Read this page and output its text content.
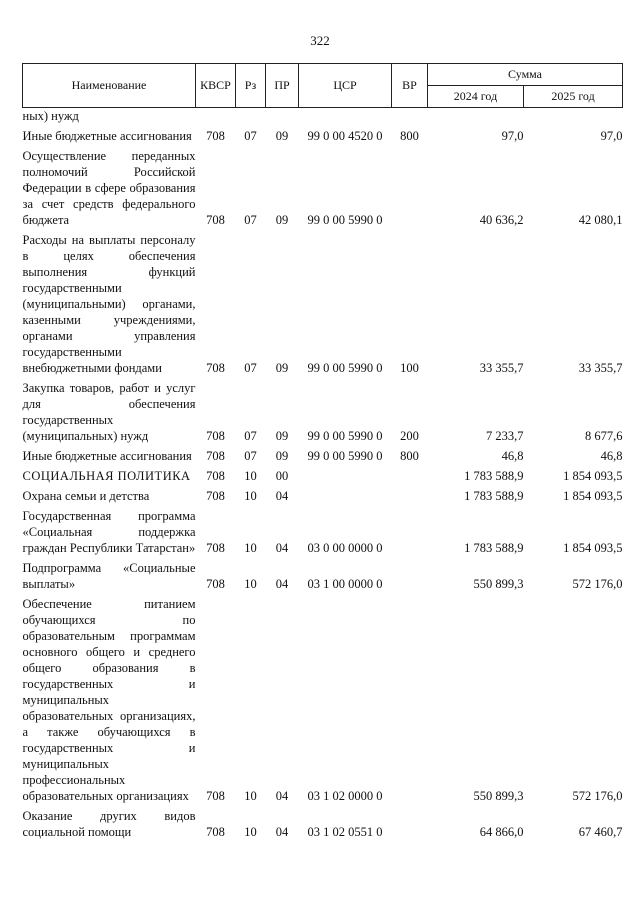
322
Наименование	КВСР	Рз	ПР	ЦСР	ВР	Сумма	
						2024 год	2025 год
ных) нужд							
Иные бюджетные ассигнования	708	07	09	99 0 00 4520 0	800	97,0	97,0
Осуществление переданных полномочий Российской Федерации в сфере образования за счет средств федерального бюджета	708	07	09	99 0 00 5990 0		40 636,2	42 080,1
Расходы на выплаты персоналу в целях обеспечения выполнения функций государственными (муниципальными) органами, казенными учреждениями, органами управления государственными внебюджетными фондами	708	07	09	99 0 00 5990 0	100	33 355,7	33 355,7
Закупка товаров, работ и услуг для обеспечения государственных (муниципальных) нужд	708	07	09	99 0 00 5990 0	200	7 233,7	8 677,6
Иные бюджетные ассигнования	708	07	09	99 0 00 5990 0	800	46,8	46,8
СОЦИАЛЬНАЯ ПОЛИТИКА	708	10	00			1 783 588,9	1 854 093,5
Охрана семьи и детства	708	10	04			1 783 588,9	1 854 093,5
Государственная программа «Социальная поддержка граждан Республики Татарстан»	708	10	04	03 0 00 0000 0		1 783 588,9	1 854 093,5
Подпрограмма «Социальные выплаты»	708	10	04	03 1 00 0000 0		550 899,3	572 176,0
Обеспечение питанием обучающихся по образовательным программам основного общего и среднего общего образования в государственных и муниципальных образовательных организациях, а также обучающихся в государственных и муниципальных профессиональных образовательных организациях	708	10	04	03 1 02 0000 0		550 899,3	572 176,0
Оказание других видов социальной помощи	708	10	04	03 1 02 0551 0		64 866,0	67 460,7
